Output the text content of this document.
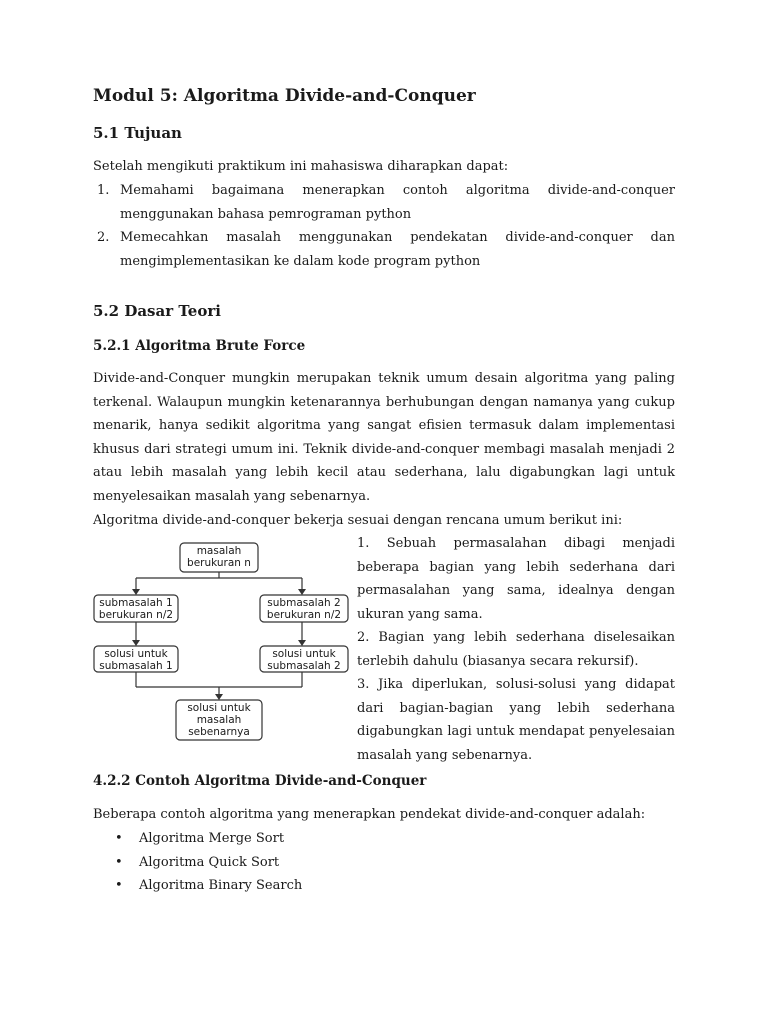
Modul 5: Algoritma Divide-and-Conquer
5.1 Tujuan
Setelah mengikuti praktikum ini mahasiswa diharapkan dapat:
1. Memahami bagaimana menerapkan contoh algoritma divide-and-conquer menggunakan bahasa pemrograman python
2. Memecahkan masalah menggunakan pendekatan divide-and-conquer dan mengimplementasikan ke dalam kode program python
5.2 Dasar Teori
5.2.1 Algoritma Brute Force
Divide-and-Conquer mungkin merupakan teknik umum desain algoritma yang paling terkenal. Walaupun mungkin ketenarannya berhubungan dengan namanya yang cukup menarik, hanya sedikit algoritma yang sangat efisien termasuk dalam implementasi khusus dari strategi umum ini. Teknik divide-and-conquer membagi masalah menjadi 2 atau lebih masalah yang lebih kecil atau sederhana, lalu digabungkan lagi untuk menyelesaikan masalah yang sebenarnya.
Algoritma divide-and-conquer bekerja sesuai dengan rencana umum berikut ini:
masalah
berukuran n
submasalah 1
berukuran n/2
submasalah 2
berukuran n/2
solusi untuk
submasalah 1
solusi untuk
submasalah 2
solusi untuk
masalah
sebenarnya
1. Sebuah permasalahan dibagi menjadi beberapa bagian yang lebih sederhana dari permasalahan yang sama, idealnya dengan ukuran yang sama.
2. Bagian yang lebih sederhana diselesaikan terlebih dahulu (biasanya secara rekursif).
3. Jika diperlukan, solusi-solusi yang didapat dari bagian-bagian yang lebih sederhana digabungkan lagi untuk mendapat penyelesaian masalah yang sebenarnya.
4.2.2 Contoh Algoritma Divide-and-Conquer
Beberapa contoh algoritma yang menerapkan pendekat divide-and-conquer adalah:
• Algoritma Merge Sort
• Algoritma Quick Sort
• Algoritma Binary Search
